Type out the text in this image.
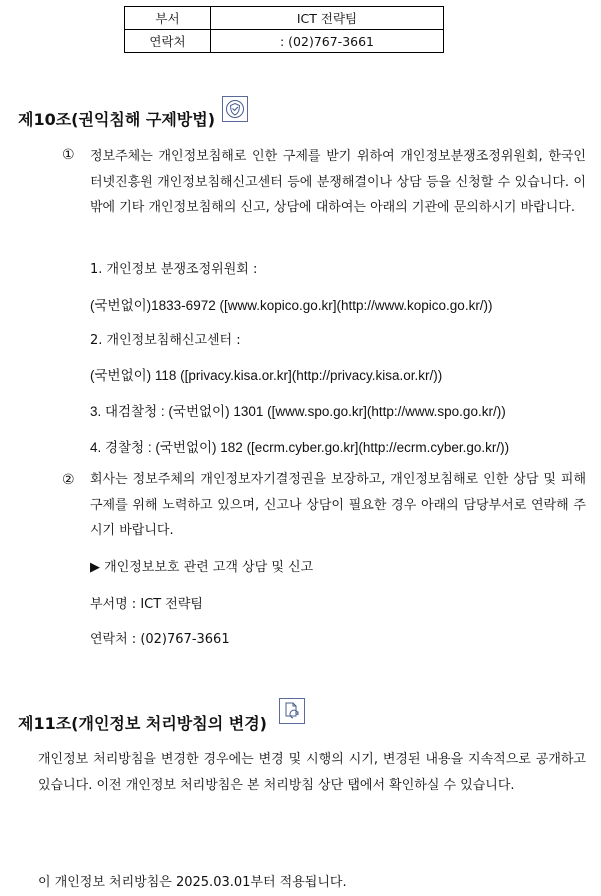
부서	ICT 전략팀
연락처	: (02)767-3661
제10조(권익침해 구제방법)
① 정보주체는 개인정보침해로 인한 구제를 받기 위하여 개인정보분쟁조정위원회, 한국인터넷진흥원 개인정보침해신고센터 등에 분쟁해결이나 상담 등을 신청할 수 있습니다. 이 밖에 기타 개인정보침해의 신고, 상담에 대하여는 아래의 기관에 문의하시기 바랍니다.
1. 개인정보 분쟁조정위원회 :
(국번없이)1833-6972 ([www.kopico.go.kr](http://www.kopico.go.kr/))
2. 개인정보침해신고센터 :
(국번없이) 118 ([privacy.kisa.or.kr](http://privacy.kisa.or.kr/))
3. 대검찰청 : (국번없이) 1301 ([www.spo.go.kr](http://www.spo.go.kr/))
4. 경찰청 : (국번없이) 182 ([ecrm.cyber.go.kr](http://ecrm.cyber.go.kr/))
② 회사는 정보주체의 개인정보자기결정권을 보장하고, 개인정보침해로 인한 상담 및 피해 구제를 위해 노력하고 있으며, 신고나 상담이 필요한 경우 아래의 담당부서로 연락해 주시기 바랍니다.
▶ 개인정보보호 관련 고객 상담 및 신고
부서명 : ICT 전략팀
연락처 : (02)767-3661
제11조(개인정보 처리방침의 변경)
개인정보 처리방침을 변경한 경우에는 변경 및 시행의 시기, 변경된 내용을 지속적으로 공개하고 있습니다. 이전 개인정보 처리방침은 본 처리방침 상단 탭에서 확인하실 수 있습니다.
이 개인정보 처리방침은 2025.03.01부터 적용됩니다.
